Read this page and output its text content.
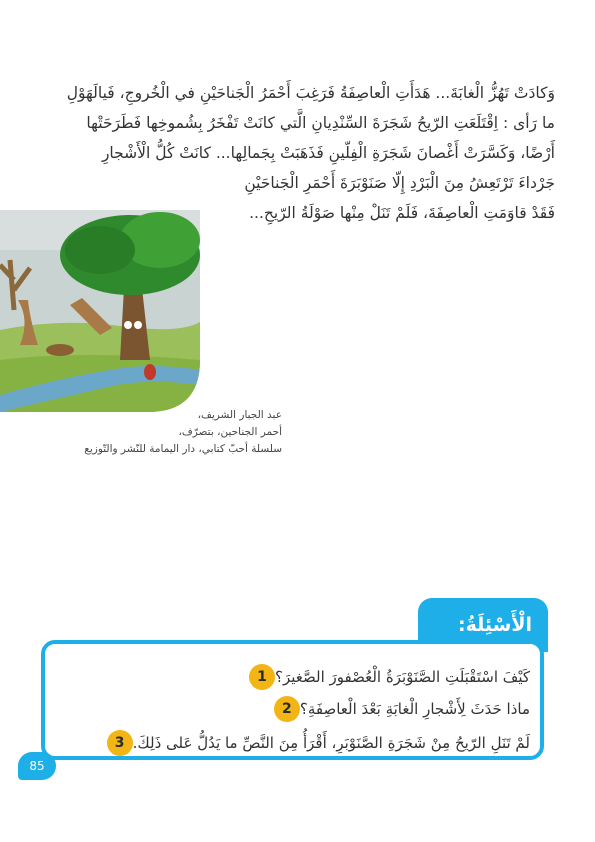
وَكادَتْ تَهُزُّ الْغابَةَ... هَدَأَتِ الْعاصِفَةُ فَرَغِبَ أَحْمَرُ الْجَناحَيْنِ في الْخُروجِ، فَيالَهَوْلِ

ما رَأى : اِقْتَلَعَتِ الرّيحُ شَجَرَةَ السِّنْدِيانِ الَّتي كانَتْ تَفْخَرُ بِشُموخِها فَطَرَحَتْها

أَرْضًا، وَكَسَّرَتْ أَغْصانَ شَجَرَةِ الْفِلّينِ فَذَهَبَتْ بِجَمالِها... كانَتْ كُلُّ الْأَشْجارِ

جَرْداءَ تَرْتَعِشُ مِنَ الْبَرْدِ إِلّا صَنَوْبَرَةَ أَحْمَرِ الْجَناحَيْنِ

فَقَدْ قاوَمَتِ الْعاصِفَةَ، فَلَمْ تَنَلْ مِنْها صَوْلَةُ الرّيحِ...

عبد الجبار الشريف،
أحمر الجناحين، بتصرّف،
سلسلة أحبّ كتابي، دار اليمامة للنّشر والتّوزيع
الْأَسْئِلَةُ:
1 كَيْفَ اسْتَقْبَلَتِ الصَّنَوْبَرَةُ الْعُصْفورَ الصَّغيرَ؟
2 ماذا حَدَثَ لِأَشْجارِ الْغابَةِ بَعْدَ الْعاصِفَةِ؟
3 لَمْ تَنَلِ الرّيحُ مِنْ شَجَرَةِ الصَّنَوْبَرِ، أَقْرَأُ مِنَ النَّصِّ ما يَدُلُّ عَلى ذَلِكَ.
85
